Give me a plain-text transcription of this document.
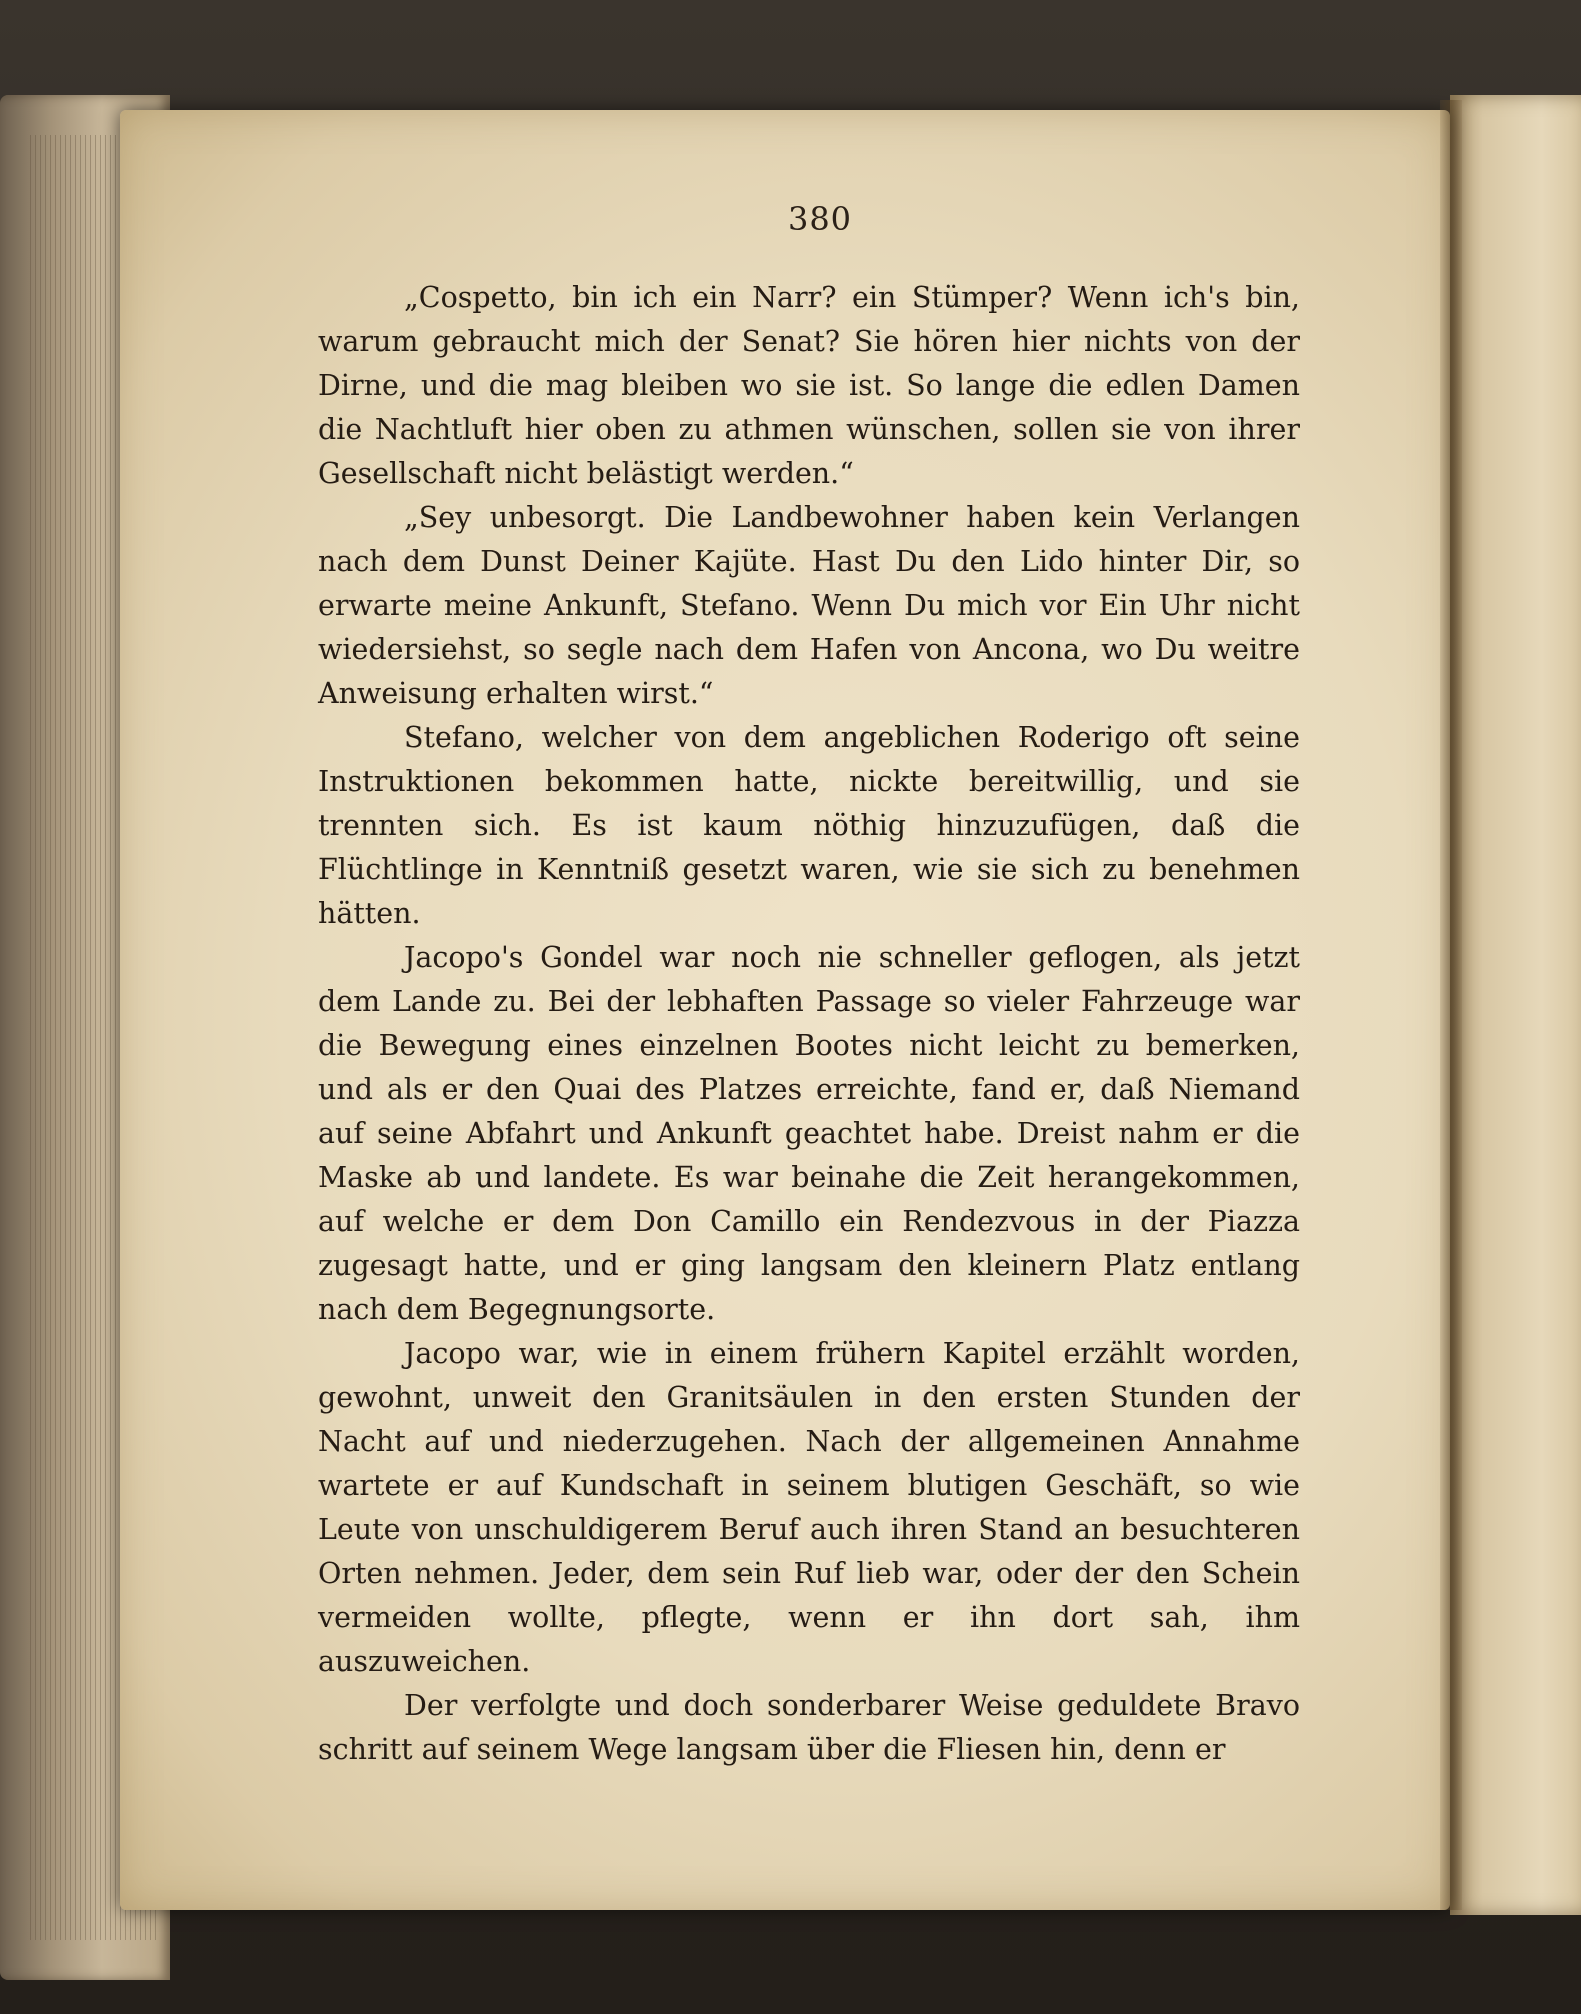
380

„Cospetto, bin ich ein Narr? ein Stümper? Wenn ich's bin, warum gebraucht mich der Senat? Sie hören hier nichts von der Dirne, und die mag bleiben wo sie ist. So lange die edlen Damen die Nachtluft hier oben zu athmen wünschen, sollen sie von ihrer Gesellschaft nicht belästigt werden.“

„Sey unbesorgt. Die Landbewohner haben kein Verlangen nach dem Dunst Deiner Kajüte. Hast Du den Lido hinter Dir, so erwarte meine Ankunft, Stefano. Wenn Du mich vor Ein Uhr nicht wiedersiehst, so segle nach dem Hafen von Ancona, wo Du weitre Anweisung erhalten wirst.“

Stefano, welcher von dem angeblichen Roderigo oft seine Instruktionen bekommen hatte, nickte bereitwillig, und sie trennten sich. Es ist kaum nöthig hinzuzufügen, daß die Flüchtlinge in Kenntniß gesetzt waren, wie sie sich zu benehmen hätten.

Jacopo's Gondel war noch nie schneller geflogen, als jetzt dem Lande zu. Bei der lebhaften Passage so vieler Fahrzeuge war die Bewegung eines einzelnen Bootes nicht leicht zu bemerken, und als er den Quai des Platzes erreichte, fand er, daß Niemand auf seine Abfahrt und Ankunft geachtet habe. Dreist nahm er die Maske ab und landete. Es war beinahe die Zeit herangekommen, auf welche er dem Don Camillo ein Rendezvous in der Piazza zugesagt hatte, und er ging langsam den kleinern Platz entlang nach dem Begegnungsorte.

Jacopo war, wie in einem frühern Kapitel erzählt worden, gewohnt, unweit den Granitsäulen in den ersten Stunden der Nacht auf und niederzugehen. Nach der allgemeinen Annahme wartete er auf Kundschaft in seinem blutigen Geschäft, so wie Leute von unschuldigerem Beruf auch ihren Stand an besuchteren Orten nehmen. Jeder, dem sein Ruf lieb war, oder der den Schein vermeiden wollte, pflegte, wenn er ihn dort sah, ihm auszuweichen.

Der verfolgte und doch sonderbarer Weise geduldete Bravo schritt auf seinem Wege langsam über die Fliesen hin, denn er
